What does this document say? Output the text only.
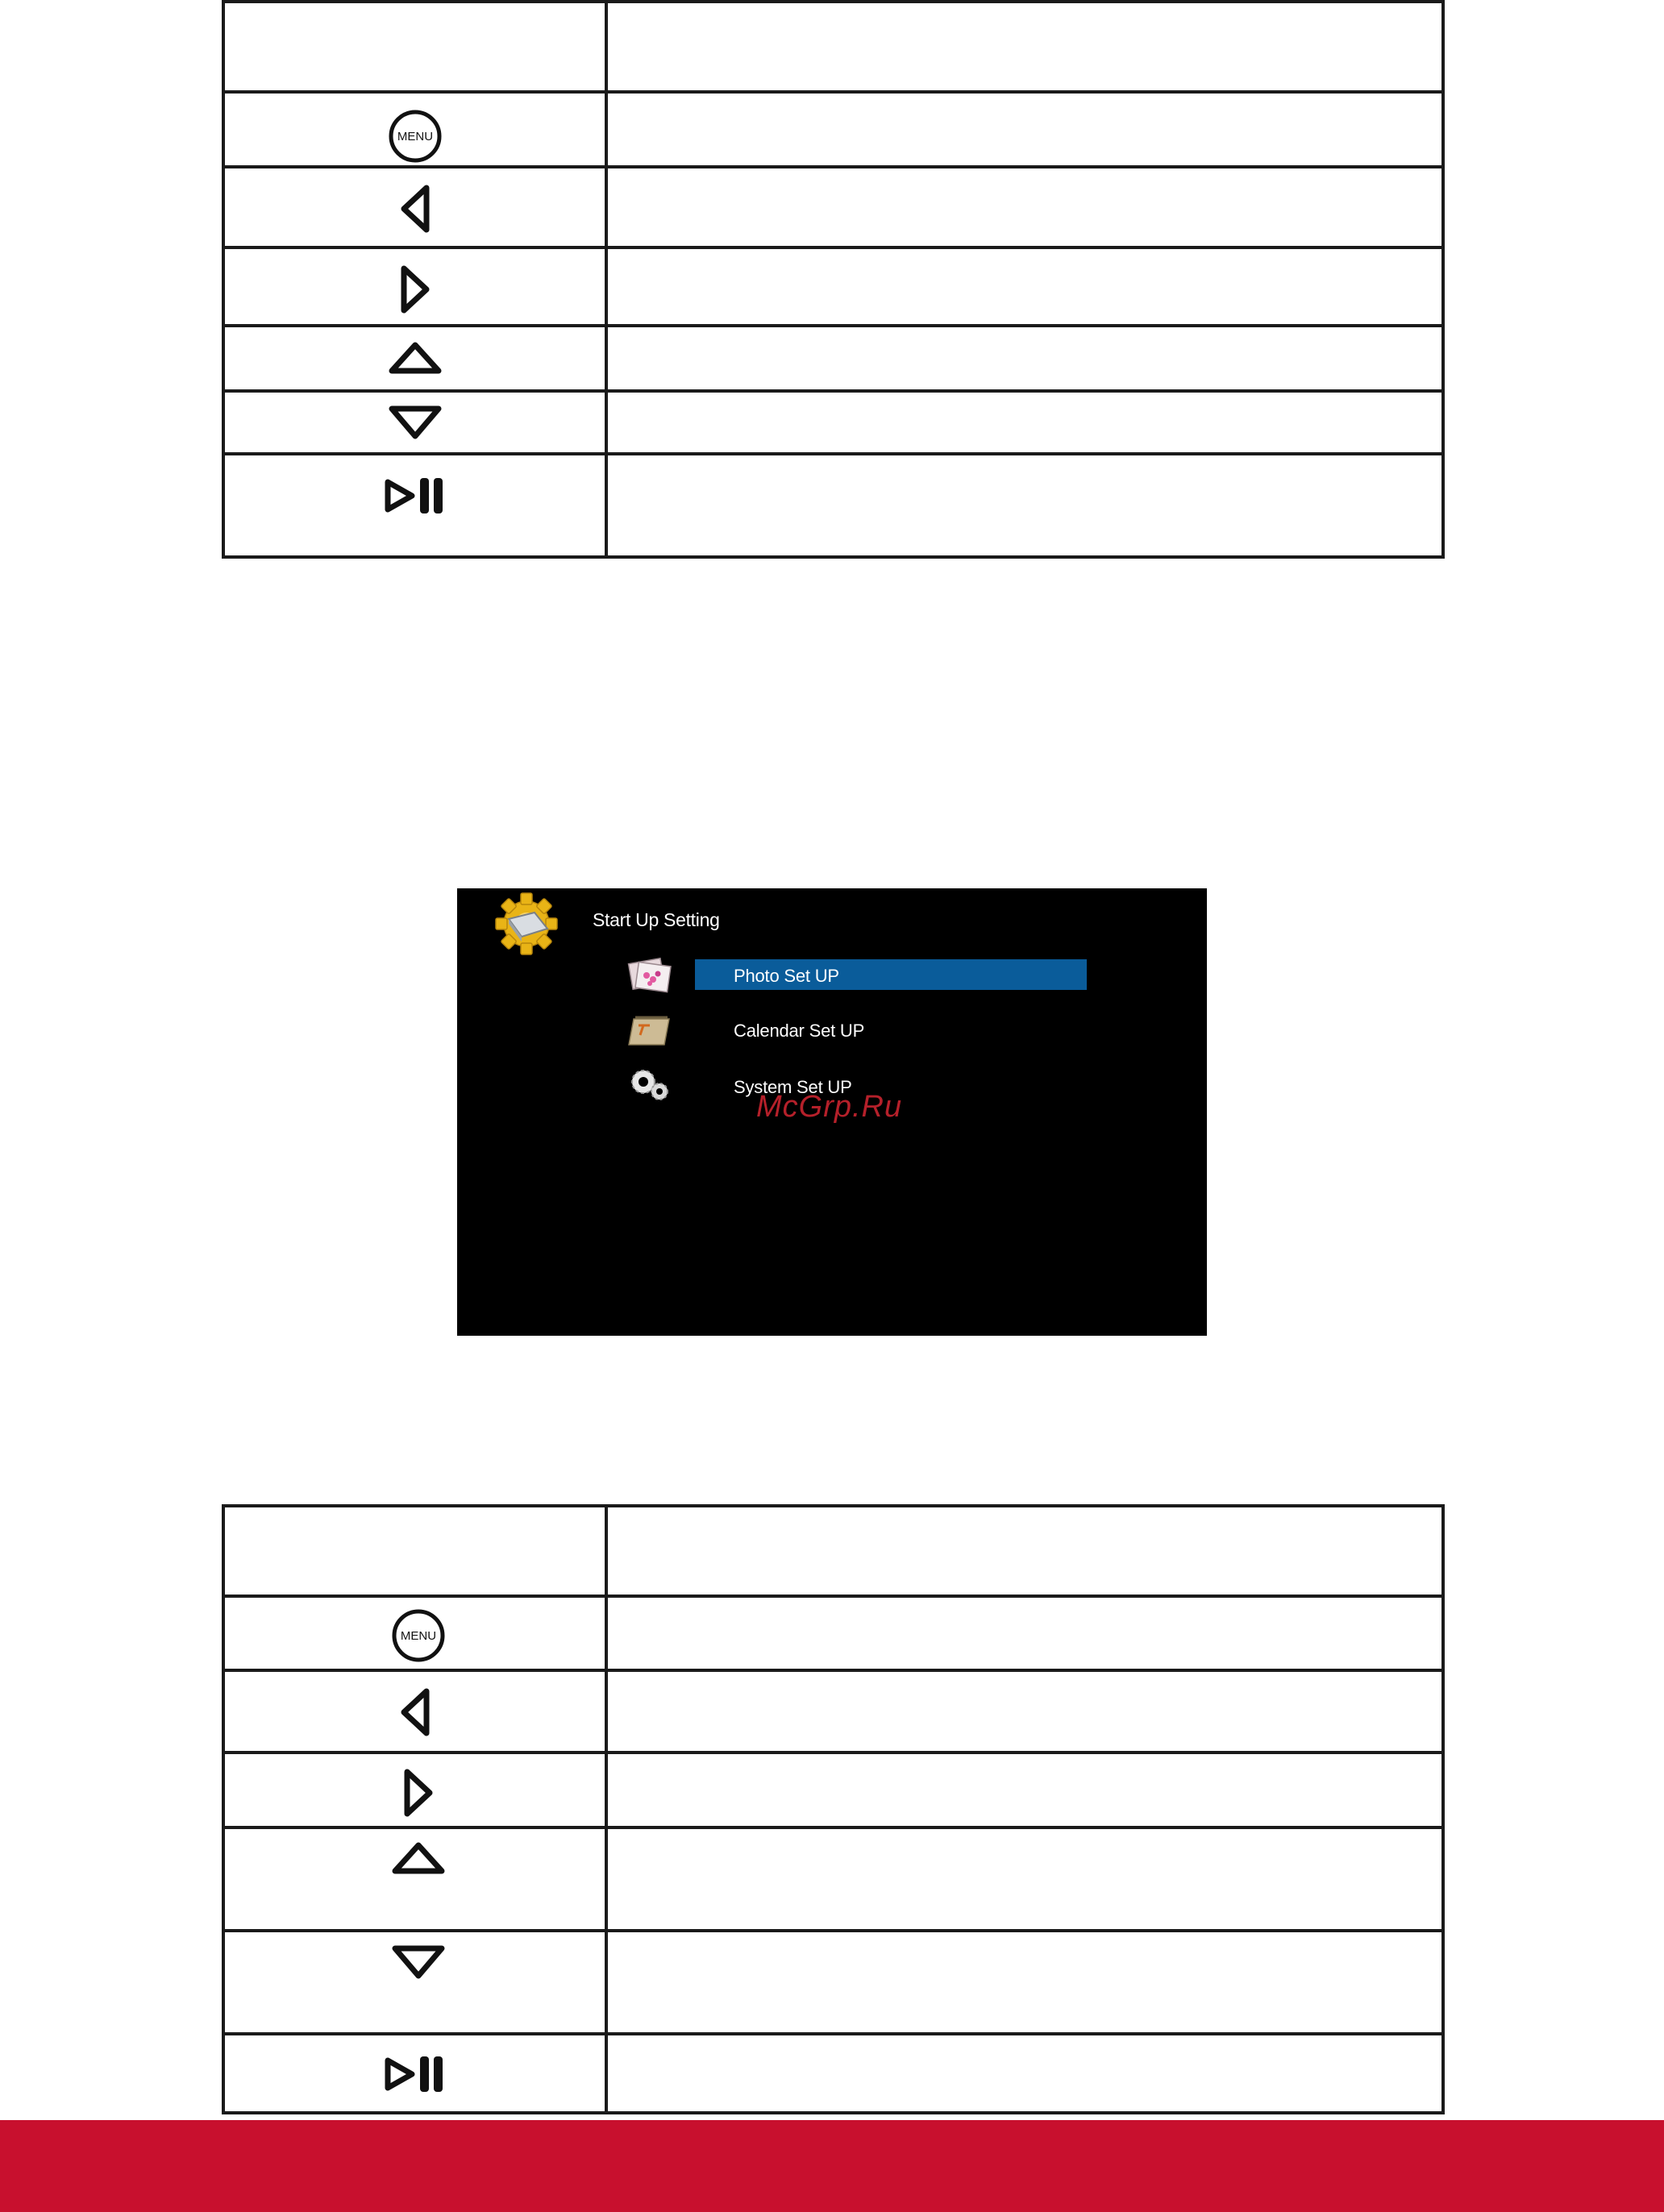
MENU	

Start Up Setting
Photo Set UP
Calendar Set UP
System Set UP
McGrp.Ru

MENU	
